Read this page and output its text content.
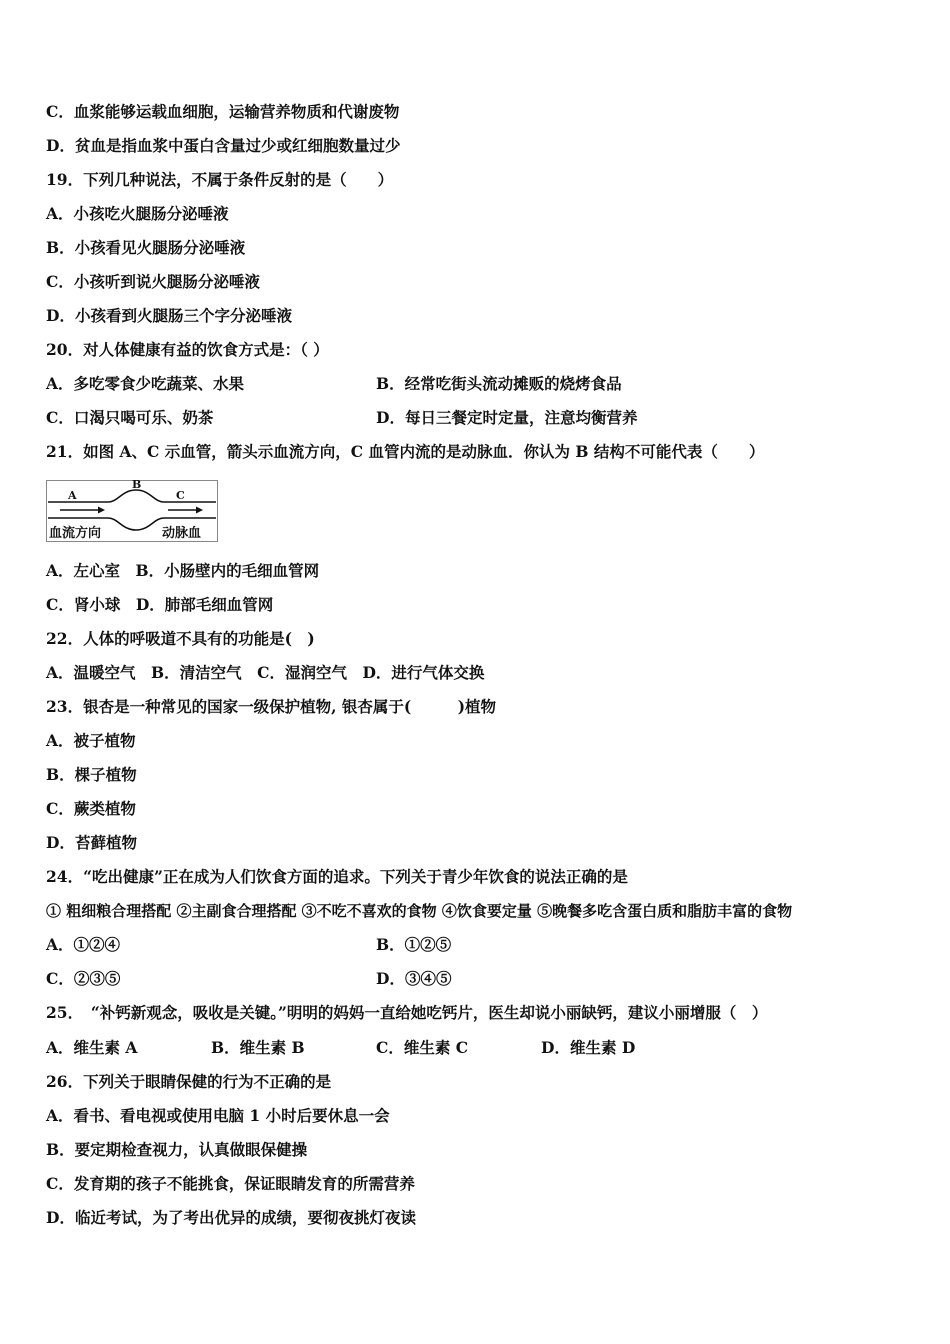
C．血浆能够运载血细胞，运输营养物质和代谢废物
D．贫血是指血浆中蛋白含量过少或红细胞数量过少
19．下列几种说法，不属于条件反射的是（　　）
A．小孩吃火腿肠分泌唾液
B．小孩看见火腿肠分泌唾液
C．小孩听到说火腿肠分泌唾液
D．小孩看到火腿肠三个字分泌唾液
20．对人体健康有益的饮食方式是：（ ）
A．多吃零食少吃蔬菜、水果	B．经常吃街头流动摊贩的烧烤食品
C．口渴只喝可乐、奶茶	D．每日三餐定时定量，注意均衡营养
21．如图 A、C 示血管，箭头示血流方向，C 血管内流的是动脉血．你认为 B 结构不可能代表（　　）
A
B
C
血流方向	动脉血
A．左心室　B．小肠壁内的毛细血管网
C．肾小球　D．肺部毛细血管网
22．人体的呼吸道不具有的功能是(　)
A．温暖空气　B．清洁空气　C．湿润空气　D．进行气体交换
23．银杏是一种常见的国家一级保护植物, 银杏属于(　　　)植物
A．被子植物
B．棵子植物
C．蕨类植物
D．苔藓植物
24．“吃出健康”正在成为人们饮食方面的追求。下列关于青少年饮食的说法正确的是
① 粗细粮合理搭配 ②主副食合理搭配 ③不吃不喜欢的食物 ④饮食要定量 ⑤晚餐多吃含蛋白质和脂肪丰富的食物
A．①②④	B．①②⑤
C．②③⑤	D．③④⑤
25．　“补钙新观念，吸收是关键。”明明的妈妈一直给她吃钙片，医生却说小丽缺钙，建议小丽增服（　）
A．维生素 A	B．维生素 B	C．维生素 C	D．维生素 D
26．下列关于眼睛保健的行为不正确的是
A．看书、看电视或使用电脑 1 小时后要休息一会
B．要定期检查视力，认真做眼保健操
C．发育期的孩子不能挑食，保证眼睛发育的所需营养
D．临近考试，为了考出优异的成绩，要彻夜挑灯夜读
